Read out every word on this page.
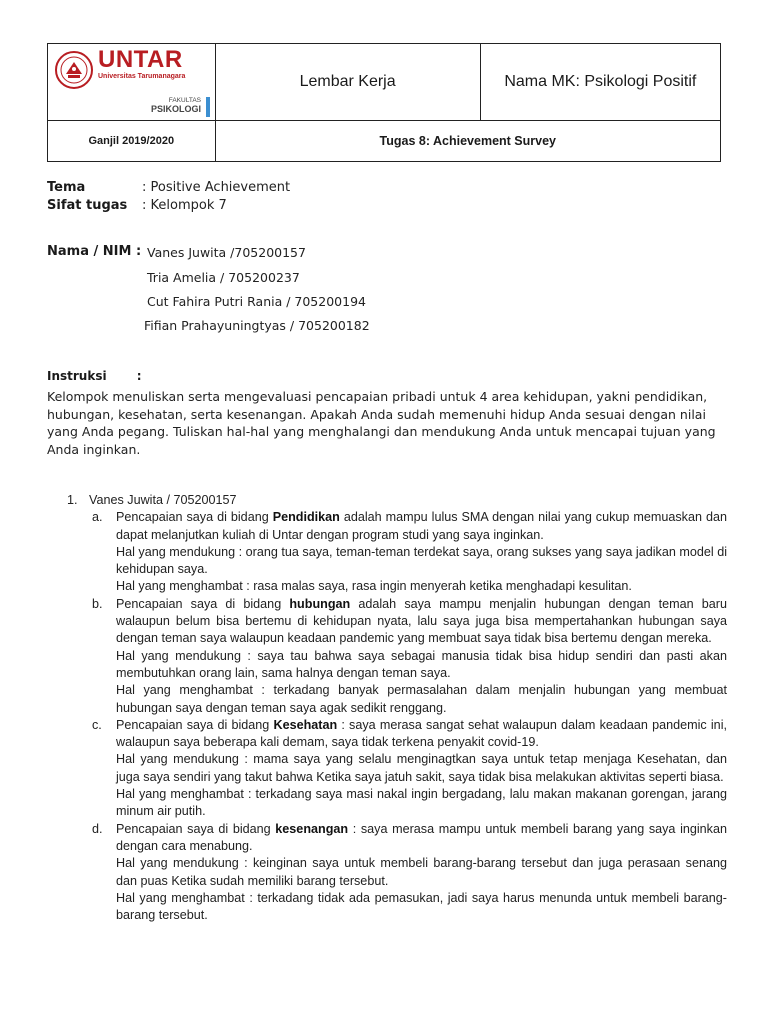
UNTAR
Universitas Tarumanagara
FAKULTAS
PSIKOLOGI	Lembar Kerja	Nama MK: Psikologi Positif
Ganjil 2019/2020	Tugas 8: Achievement Survey	
Tema	: Positive Achievement
Sifat tugas : Kelompok 7
Nama / NIM : Vanes Juwita /705200157
Tria Amelia / 705200237
Cut Fahira Putri Rania / 705200194
Fifian Prahayuningtyas / 705200182
Instruksi	:
Kelompok menuliskan serta mengevaluasi pencapaian pribadi untuk 4 area kehidupan, yakni pendidikan, hubungan, kesehatan, serta kesenangan. Apakah Anda sudah memenuhi hidup Anda sesuai dengan nilai yang Anda pegang. Tuliskan hal-hal yang menghalangi dan mendukung Anda untuk mencapai tujuan yang Anda inginkan.

1. Vanes Juwita / 705200157

a. Pencapaian saya di bidang Pendidikan adalah mampu lulus SMA dengan nilai yang cukup memuaskan dan dapat melanjutkan kuliah di Untar dengan program studi yang saya inginkan.

Hal yang mendukung : orang tua saya, teman-teman terdekat saya, orang sukses yang saya jadikan model di kehidupan saya.

Hal yang menghambat : rasa malas saya, rasa ingin menyerah ketika menghadapi kesulitan.

b. Pencapaian saya di bidang hubungan adalah saya mampu menjalin hubungan dengan teman baru walaupun belum bisa bertemu di kehidupan nyata, lalu saya juga bisa mempertahankan hubungan saya dengan teman saya walaupun keadaan pandemic yang membuat saya tidak bisa bertemu dengan mereka.

Hal yang mendukung : saya tau bahwa saya sebagai manusia tidak bisa hidup sendiri dan pasti akan membutuhkan orang lain, sama halnya dengan teman saya.

Hal yang menghambat : terkadang banyak permasalahan dalam menjalin hubungan yang membuat hubungan saya dengan teman saya agak sedikit renggang.

c. Pencapaian saya di bidang Kesehatan : saya merasa sangat sehat walaupun dalam keadaan pandemic ini, walaupun saya beberapa kali demam, saya tidak terkena penyakit covid-19.

Hal yang mendukung : mama saya yang selalu menginagtkan saya untuk tetap menjaga Kesehatan, dan juga saya sendiri yang takut bahwa Ketika saya jatuh sakit, saya tidak bisa melakukan aktivitas seperti biasa.

Hal yang menghambat : terkadang saya masi nakal ingin bergadang, lalu makan makanan gorengan, jarang minum air putih.

d. Pencapaian saya di bidang kesenangan : saya merasa mampu untuk membeli barang yang saya inginkan dengan cara menabung.

Hal yang mendukung : keinginan saya untuk membeli barang-barang tersebut dan juga perasaan senang dan puas Ketika sudah memiliki barang tersebut.

Hal yang menghambat : terkadang tidak ada pemasukan, jadi saya harus menunda untuk membeli barang-barang tersebut.
